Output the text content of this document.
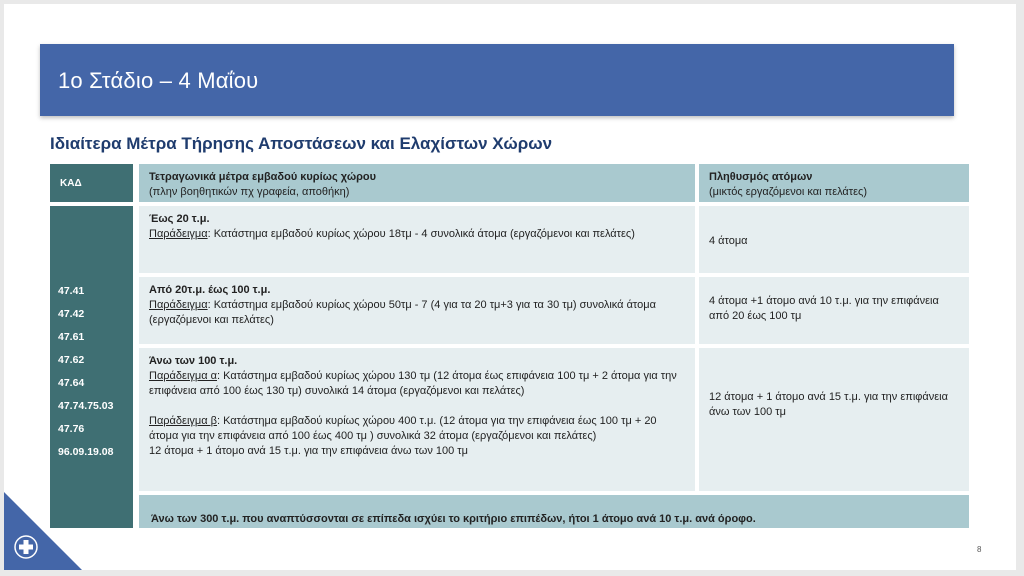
1ο Στάδιο – 4 Μαΐου
Ιδιαίτερα Μέτρα Τήρησης Αποστάσεων και Ελαχίστων Χώρων
ΚΑΔ
Τετραγωνικά μέτρα εμβαδού κυρίως χώρου
(πλην βοηθητικών πχ γραφεία, αποθήκη)
Πληθυσμός ατόμων
(μικτός εργαζόμενοι και πελάτες)
47.41
47.42
47.61
47.62
47.64
47.74.75.03
47.76
96.09.19.08
Έως 20 τ.μ.
Παράδειγμα: Κατάστημα εμβαδού κυρίως χώρου 18τμ - 4 συνολικά άτομα (εργαζόμενοι και πελάτες)
4 άτομα
Από 20τ.μ. έως 100 τ.μ.
Παράδειγμα: Κατάστημα εμβαδού κυρίως χώρου 50τμ - 7 (4 για τα 20 τμ+3 για τα 30 τμ) συνολικά άτομα (εργαζόμενοι και πελάτες)
4 άτομα +1 άτομο ανά 10 τ.μ. για την επιφάνεια από 20 έως 100 τμ
Άνω των 100 τ.μ.
Παράδειγμα α: Κατάστημα εμβαδού κυρίως χώρου 130 τμ (12 άτομα έως επιφάνεια 100 τμ + 2 άτομα για την επιφάνεια από 100 έως 130 τμ) συνολικά 14 άτομα (εργαζόμενοι και πελάτες)
Παράδειγμα β: Κατάστημα εμβαδού κυρίως χώρου 400 τ.μ. (12 άτομα για την επιφάνεια έως 100 τμ + 20 άτομα για την επιφάνεια από 100 έως 400 τμ ) συνολικά 32 άτομα (εργαζόμενοι και πελάτες)
12 άτομα + 1 άτομο ανά 15 τ.μ. για την επιφάνεια άνω των 100 τμ
12 άτομα + 1 άτομο ανά 15 τ.μ. για την επιφάνεια άνω των 100 τμ
Άνω των 300 τ.μ. που αναπτύσσονται σε επίπεδα ισχύει το κριτήριο επιπέδων, ήτοι 1 άτομο ανά 10 τ.μ. ανά όροφο.
8
